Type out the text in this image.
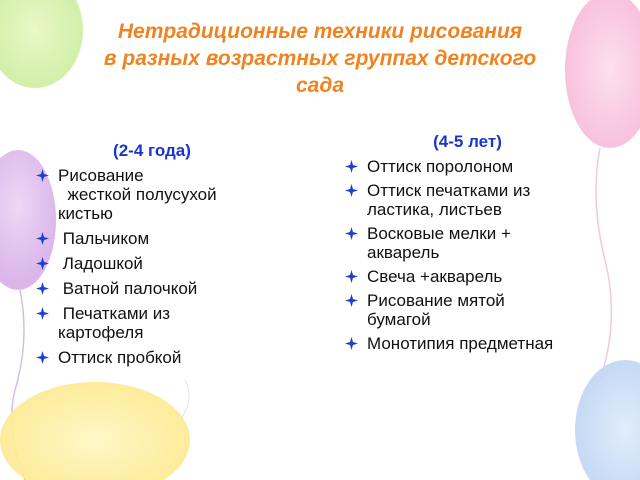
Нетрадиционные техники рисования
в разных возрастных группах детского
сада
(2-4 года)
Рисование
жесткой полусухой
кистью
Пальчиком
Ладошкой
Ватной палочкой
Печатками из
картофеля
Оттиск пробкой
(4-5 лет)
Оттиск поролоном
Оттиск печатками из
ластика, листьев
Восковые мелки +
акварель
Свеча +акварель
Рисование мятой
бумагой
Монотипия предметная
